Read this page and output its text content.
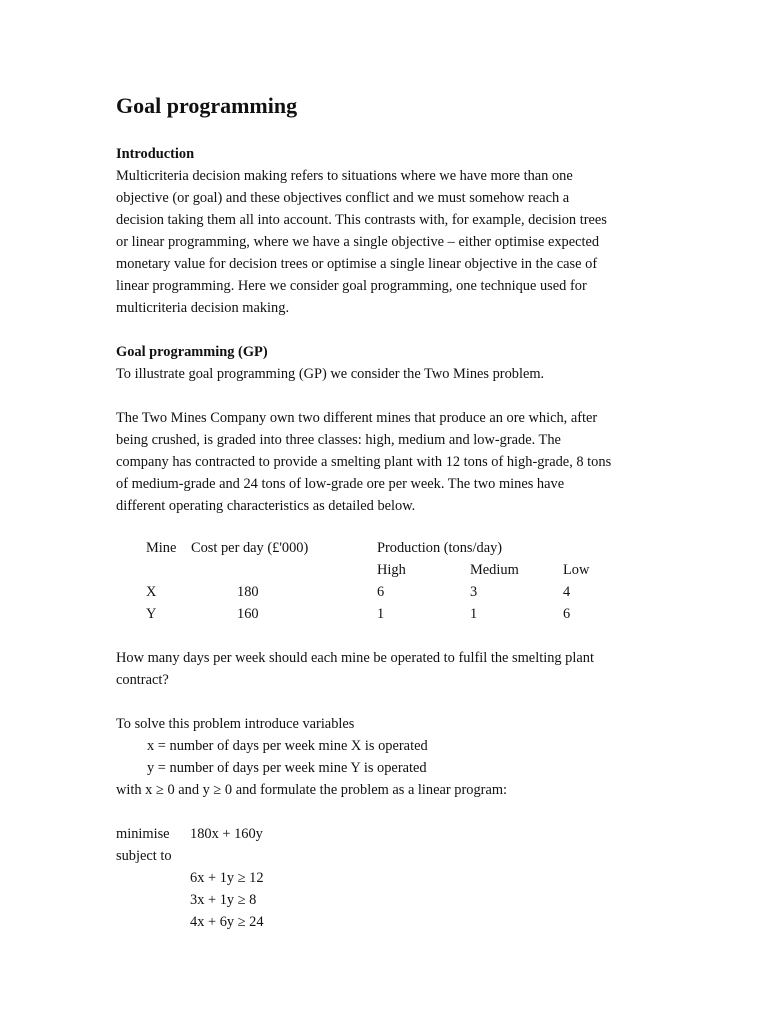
Goal programming
Introduction
Multicriteria decision making refers to situations where we have more than one
objective (or goal) and these objectives conflict and we must somehow reach a
decision taking them all into account. This contrasts with, for example, decision trees
or linear programming, where we have a single objective – either optimise expected
monetary value for decision trees or optimise a single linear objective in the case of
linear programming. Here we consider goal programming, one technique used for
multicriteria decision making.
Goal programming (GP)
To illustrate goal programming (GP) we consider the Two Mines problem.
The Two Mines Company own two different mines that produce an ore which, after
being crushed, is graded into three classes: high, medium and low-grade. The
company has contracted to provide a smelting plant with 12 tons of high-grade, 8 tons
of medium-grade and 24 tons of low-grade ore per week. The two mines have
different operating characteristics as detailed below.
Mine Cost per day (£'000)	Production (tons/day)
High	Medium	Low
X	180	6	3	4
Y	160	1	1	6
How many days per week should each mine be operated to fulfil the smelting plant
contract?
To solve this problem introduce variables
x = number of days per week mine X is operated
y = number of days per week mine Y is operated
with x ≥ 0 and y ≥ 0 and formulate the problem as a linear program:
minimise 180x + 160y
subject to
6x + 1y ≥ 12
3x + 1y ≥ 8
4x + 6y ≥ 24
